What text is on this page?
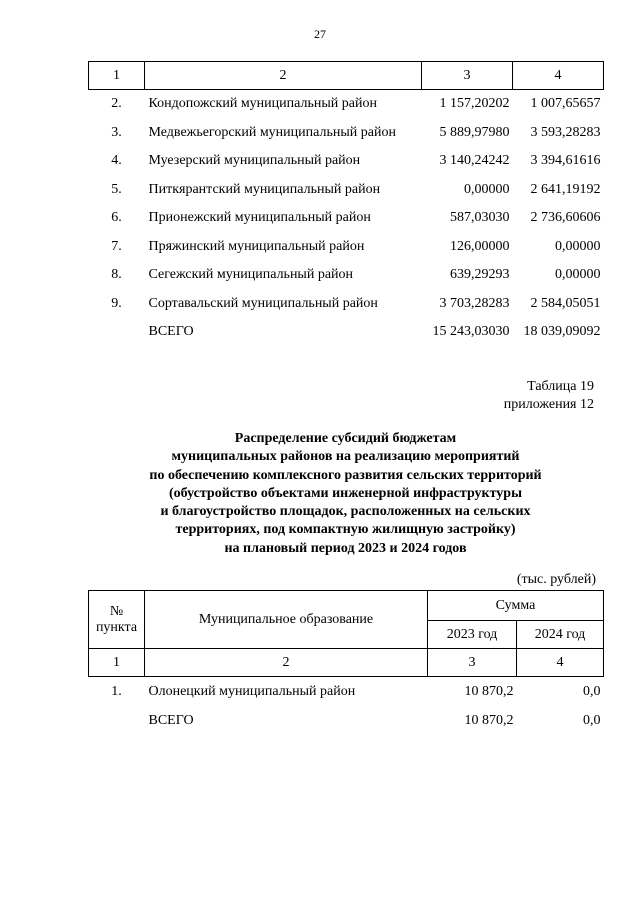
27
1	2	3	4
2.	Кондопожский муниципальный район	1 157,20202	1 007,65657
3.	Медвежьегорский муниципальный район	5 889,97980	3 593,28283
4.	Муезерский муниципальный район	3 140,24242	3 394,61616
5.	Питкярантский муниципальный район	0,00000	2 641,19192
6.	Прионежский муниципальный район	587,03030	2 736,60606
7.	Пряжинский муниципальный район	126,00000	0,00000
8.	Сегежский муниципальный район	639,29293	0,00000
9.	Сортавальский муниципальный район	3 703,28283	2 584,05051
	ВСЕГО	15 243,03030	18 039,09092
Таблица 19
приложения 12
Распределение субсидий бюджетам
муниципальных районов на реализацию мероприятий
по обеспечению комплексного развития сельских территорий
(обустройство объектами инженерной инфраструктуры
и благоустройство площадок, расположенных на сельских
территориях, под компактную жилищную застройку)
на плановый период 2023 и 2024 годов
(тыс. рублей)
№
пункта	Муниципальное образование	Сумма	
		2023 год	2024 год
1	2	3	4
1.	Олонецкий муниципальный район	10 870,2	0,0
	ВСЕГО	10 870,2	0,0
